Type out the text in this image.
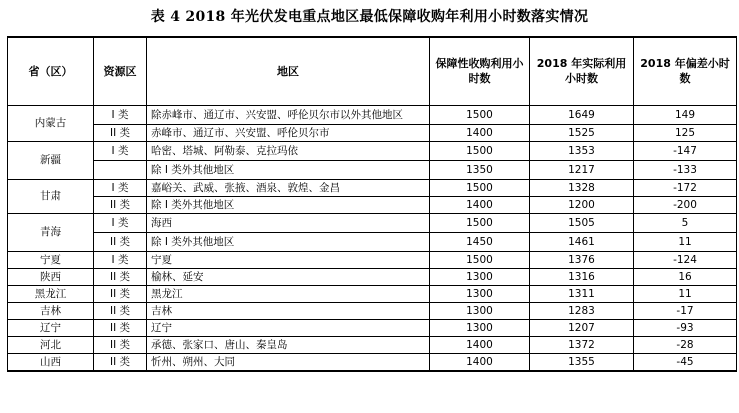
表 4 2018 年光伏发电重点地区最低保障收购年利用小时数落实情况
省（区）	资源区	地区	保障性收购利用小时数	2018 年实际利用小时数	2018 年偏差小时数
内蒙古	I 类	除赤峰市、通辽市、兴安盟、呼伦贝尔市以外其他地区	1500	1649	149
	II 类	赤峰市、通辽市、兴安盟、呼伦贝尔市	1400	1525	125
新疆	I 类	哈密、塔城、阿勒泰、克拉玛依	1500	1353	-147
		除 I 类外其他地区	1350	1217	-133
甘肃	I 类	嘉峪关、武威、张掖、酒泉、敦煌、金昌	1500	1328	-172
	II 类	除 I 类外其他地区	1400	1200	-200
青海	I 类	海西	1500	1505	5
	II 类	除 I 类外其他地区	1450	1461	11
宁夏	I 类	宁夏	1500	1376	-124
陕西	II 类	榆林、延安	1300	1316	16
黑龙江	II 类	黑龙江	1300	1311	11
吉林	II 类	吉林	1300	1283	-17
辽宁	II 类	辽宁	1300	1207	-93
河北	II 类	承德、张家口、唐山、秦皇岛	1400	1372	-28
山西	II 类	忻州、朔州、大同	1400	1355	-45
